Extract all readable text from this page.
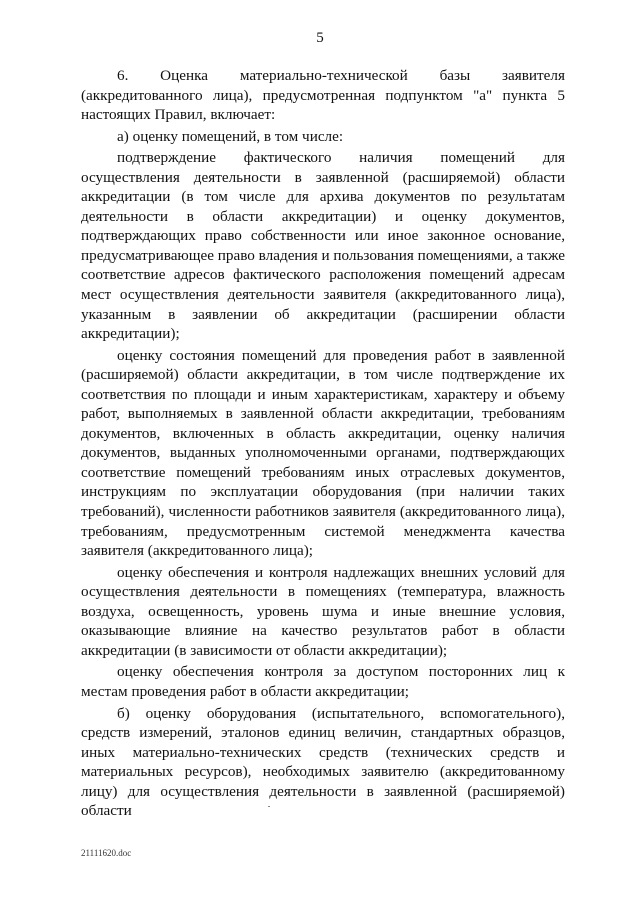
5

6. Оценка материально-технической базы заявителя (аккредитованного лица), предусмотренная подпунктом "а" пункта 5 настоящих Правил, включает:

а) оценку помещений, в том числе:

подтверждение фактического наличия помещений для осуществления деятельности в заявленной (расширяемой) области аккредитации (в том числе для архива документов по результатам деятельности в области аккредитации) и оценку документов, подтверждающих право собственности или иное законное основание, предусматривающее право владения и пользования помещениями, а также соответствие адресов фактического расположения помещений адресам мест осуществления деятельности заявителя (аккредитованного лица), указанным в заявлении об аккредитации (расширении области аккредитации);

оценку состояния помещений для проведения работ в заявленной (расширяемой) области аккредитации, в том числе подтверждение их соответствия по площади и иным характеристикам, характеру и объему работ, выполняемых в заявленной области аккредитации, требованиям документов, включенных в область аккредитации, оценку наличия документов, выданных уполномоченными органами, подтверждающих соответствие помещений требованиям иных отраслевых документов, инструкциям по эксплуатации оборудования (при наличии таких требований), численности работников заявителя (аккредитованного лица), требованиям, предусмотренным системой менеджмента качества заявителя (аккредитованного лица);

оценку обеспечения и контроля надлежащих внешних условий для осуществления деятельности в помещениях (температура, влажность воздуха, освещенность, уровень шума и иные внешние условия, оказывающие влияние на качество результатов работ в области аккредитации (в зависимости от области аккредитации);

оценку обеспечения контроля за доступом посторонних лиц к местам проведения работ в области аккредитации;

б) оценку оборудования (испытательного, вспомогательного), средств измерений, эталонов единиц величин, стандартных образцов, иных материально-технических средств (технических средств и материальных ресурсов), необходимых заявителю (аккредитованному лицу) для осуществления деятельности в заявленной (расширяемой) области

21111620.doc
